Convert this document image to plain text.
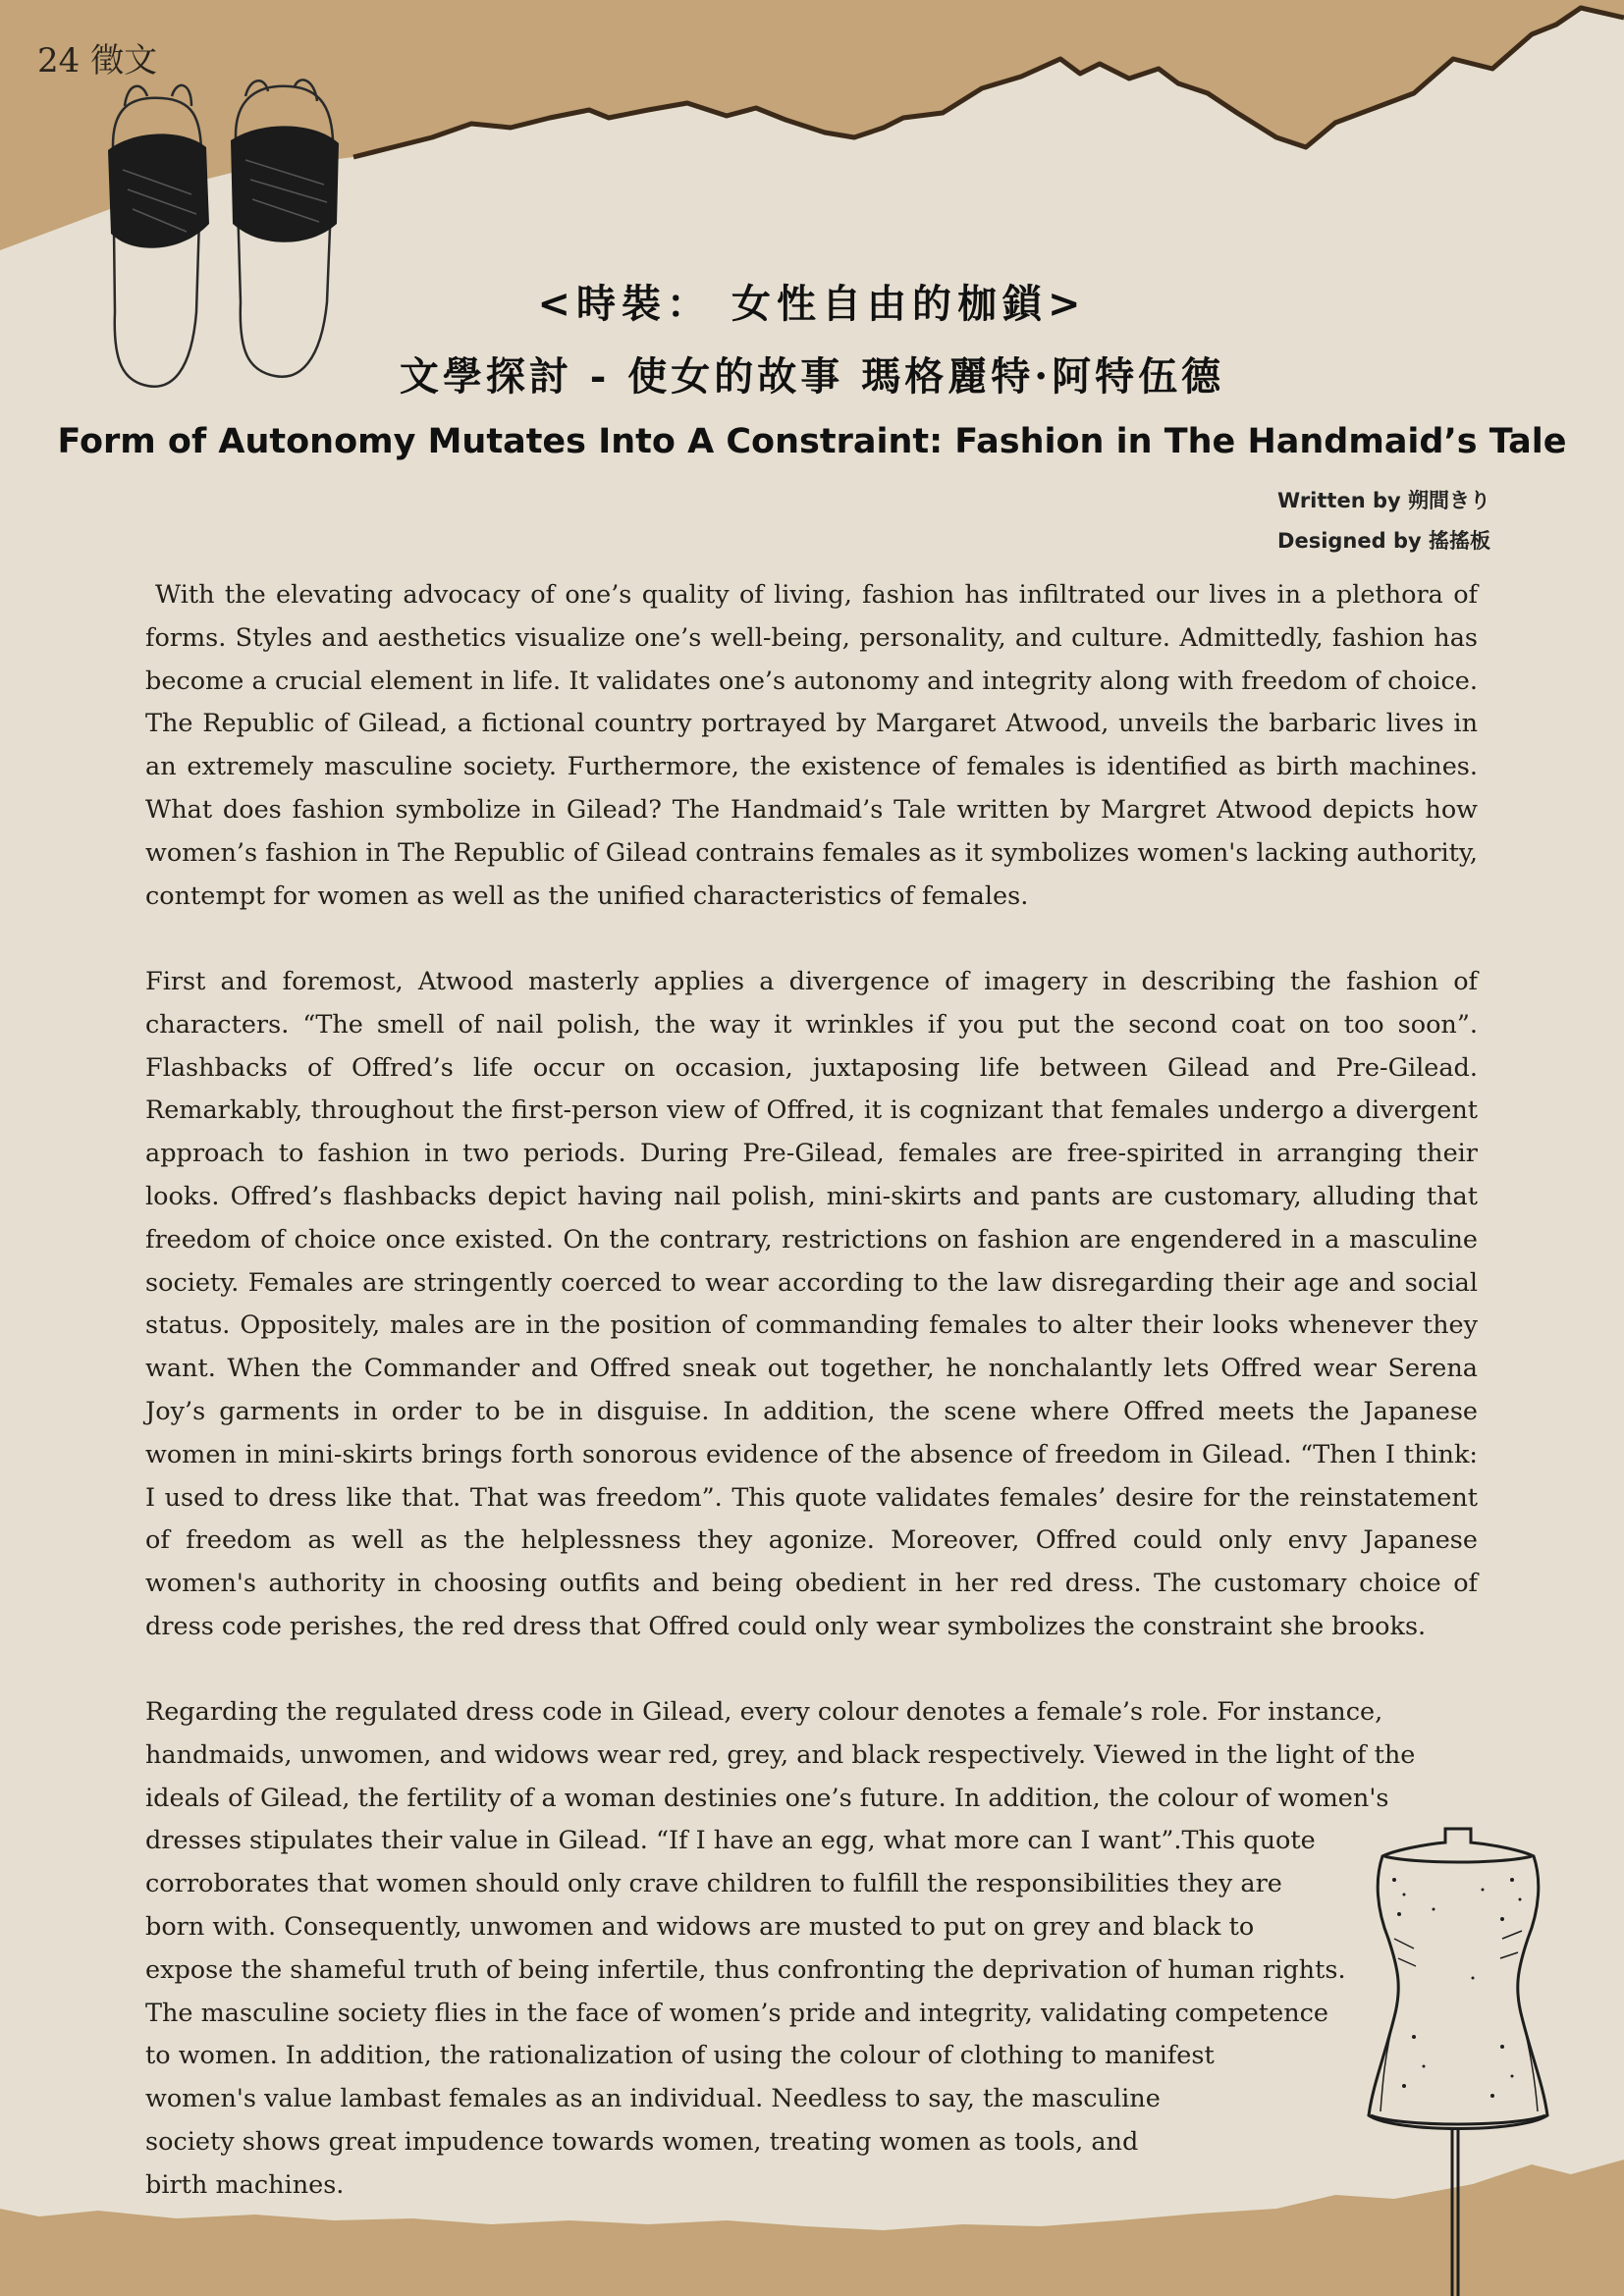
24 徵文
<時裝： 女性自由的枷鎖>
文學探討 - 使女的故事 瑪格麗特·阿特伍德
Form of Autonomy Mutates Into A Constraint: Fashion in The Handmaid’s Tale
Written by 朔間きり
Designed by 搖搖板

With the elevating advocacy of one’s quality of living, fashion has infiltrated our lives in a plethora of forms. Styles and aesthetics visualize one’s well-being, personality, and culture. Admittedly, fashion has become a crucial element in life. It validates one’s autonomy and integrity along with freedom of choice. The Republic of Gilead, a fictional country portrayed by Margaret Atwood, unveils the barbaric lives in an extremely masculine society. Furthermore, the existence of females is identified as birth machines. What does fashion symbolize in Gilead? The Handmaid’s Tale written by Margret Atwood depicts how women’s fashion in The Republic of Gilead contrains females as it symbolizes women's lacking authority, contempt for women as well as the unified characteristics of females.

First and foremost, Atwood masterly applies a divergence of imagery in describing the fashion of characters. “The smell of nail polish, the way it wrinkles if you put the second coat on too soon”. Flashbacks of Offred’s life occur on occasion, juxtaposing life between Gilead and Pre-Gilead. Remarkably, throughout the first-person view of Offred, it is cognizant that females undergo a divergent approach to fashion in two periods. During Pre-Gilead, females are free-spirited in arranging their looks. Offred’s flashbacks depict having nail polish, mini-skirts and pants are customary, alluding that freedom of choice once existed. On the contrary, restrictions on fashion are engendered in a masculine society. Females are stringently coerced to wear according to the law disregarding their age and social status. Oppositely, males are in the position of commanding females to alter their looks whenever they want. When the Commander and Offred sneak out together, he nonchalantly lets Offred wear Serena Joy’s garments in order to be in disguise. In addition, the scene where Offred meets the Japanese women in mini-skirts brings forth sonorous evidence of the absence of freedom in Gilead. “Then I think: I used to dress like that. That was freedom”. This quote validates females’ desire for the reinstatement of freedom as well as the helplessness they agonize. Moreover, Offred could only envy Japanese women's authority in choosing outfits and being obedient in her red dress. The customary choice of dress code perishes, the red dress that Offred could only wear symbolizes the constraint she brooks.

Regarding the regulated dress code in Gilead, every colour denotes a female’s role. For instance,
handmaids, unwomen, and widows wear red, grey, and black respectively. Viewed in the light of the
ideals of Gilead, the fertility of a woman destinies one’s future. In addition, the colour of women's
dresses stipulates their value in Gilead. “If I have an egg, what more can I want”.This quote
corroborates that women should only crave children to fulfill the responsibilities they are
born with. Consequently, unwomen and widows are musted to put on grey and black to
expose the shameful truth of being infertile, thus confronting the deprivation of human rights.
The masculine society flies in the face of women’s pride and integrity, validating competence
to women. In addition, the rationalization of using the colour of clothing to manifest
women's value lambast females as an individual. Needless to say, the masculine
society shows great impudence towards women, treating women as tools, and
birth machines.
